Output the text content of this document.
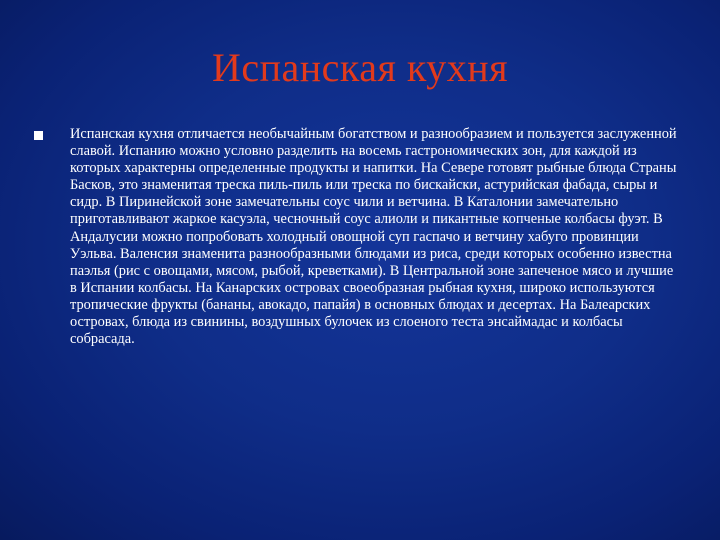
Испанская кухня

Испанская кухня отличается необычайным богатством и разнообразием и пользуется заслуженной славой. Испанию можно условно разделить на восемь гастрономических зон, для каждой из которых характерны определенные продукты и напитки. На Севере готовят рыбные блюда Страны Басков, это знаменитая треска пиль-пиль или треска по бискайски, астурийская фабада, сыры и сидр. В Пиринейской зоне замечательны соус чили и ветчина. В Каталонии замечательно приготавливают жаркое касуэла, чесночный соус алиоли и пикантные копченые колбасы фуэт. В Андалусии можно попробовать холодный овощной суп гаспачо и ветчину хабуго провинции Уэльва. Валенсия знаменита разнообразными блюдами из риса, среди которых особенно известна паэлья (рис с овощами, мясом, рыбой, креветками). В Центральной зоне запеченое мясо и лучшие в Испании колбасы. На Канарских островах своеобразная рыбная кухня, широко используются тропические фрукты (бананы, авокадо, папайя) в основных блюдах и десертах. На Балеарских островах, блюда из свинины, воздушных булочек из слоеного теста энсаймадас и колбасы собрасада.
